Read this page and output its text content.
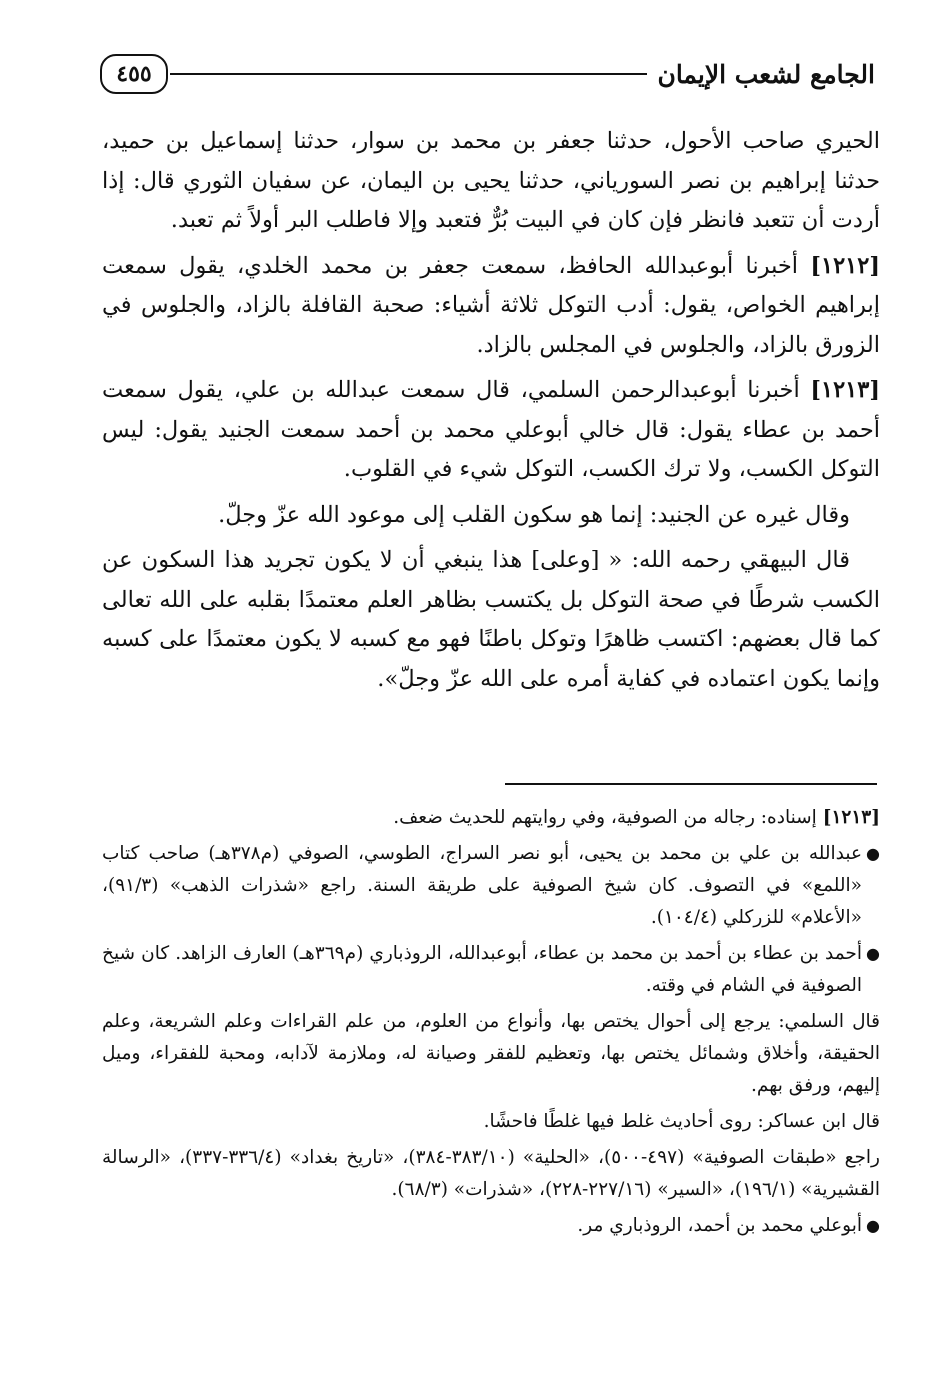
الجامع لشعب الإيمان
٤٥٥

الحيري صاحب الأحول، حدثنا جعفر بن محمد بن سوار، حدثنا إسماعيل بن حميد، حدثنا إبراهيم بن نصر السورياني، حدثنا يحيى بن اليمان، عن سفيان الثوري قال: إذا أردت أن تتعبد فانظر فإن كان في البيت بُرٌّ فتعبد وإلا فاطلب البر أولاً ثم تعبد.

[١٢١٢] أخبرنا أبوعبدالله الحافظ، سمعت جعفر بن محمد الخلدي، يقول سمعت إبراهيم الخواص، يقول: أدب التوكل ثلاثة أشياء: صحبة القافلة بالزاد، والجلوس في الزورق بالزاد، والجلوس في المجلس بالزاد.

[١٢١٣] أخبرنا أبوعبدالرحمن السلمي، قال سمعت عبدالله بن علي، يقول سمعت أحمد بن عطاء يقول: قال خالي أبوعلي محمد بن أحمد سمعت الجنيد يقول: ليس التوكل الكسب، ولا ترك الكسب، التوكل شيء في القلوب.

وقال غيره عن الجنيد: إنما هو سكون القلب إلى موعود الله عزّ وجلّ.

قال البيهقي رحمه الله: « [وعلى] هذا ينبغي أن لا يكون تجريد هذا السكون عن الكسب شرطًا في صحة التوكل بل يكتسب بظاهر العلم معتمدًا بقلبه على الله تعالى كما قال بعضهم: اكتسب ظاهرًا وتوكل باطنًا فهو مع كسبه لا يكون معتمدًا على كسبه وإنما يكون اعتماده في كفاية أمره على الله عزّ وجلّ».

[١٢١٣] إسناده: رجاله من الصوفية، وفي روايتهم للحديث ضعف.

●
عبدالله بن علي بن محمد بن يحيى، أبو نصر السراج، الطوسي، الصوفي (م٣٧٨هـ) صاحب كتاب «اللمع» في التصوف. كان شيخ الصوفية على طريقة السنة. راجع «شذرات الذهب» (٩١/٣)، «الأعلام» للزركلي (١٠٤/٤).

●
أحمد بن عطاء بن أحمد بن محمد بن عطاء، أبوعبدالله، الروذباري (م٣٦٩هـ) العارف الزاهد. كان شيخ الصوفية في الشام في وقته.

قال السلمي: يرجع إلى أحوال يختص بها، وأنواع من العلوم، من علم القراءات وعلم الشريعة، وعلم الحقيقة، وأخلاق وشمائل يختص بها، وتعظيم للفقر وصيانة له، وملازمة لآدابه، ومحبة للفقراء، وميل إليهم، ورفق بهم.

قال ابن عساكر: روى أحاديث غلط فيها غلطًا فاحشًا.

راجع «طبقات الصوفية» (٤٩٧-٥٠٠)، «الحلية» (٣٨٣/١٠-٣٨٤)، «تاريخ بغداد» (٣٣٦/٤-٣٣٧)، «الرسالة القشيرية» (١٩٦/١)، «السير» (٢٢٧/١٦-٢٢٨)، «شذرات» (٦٨/٣).

●
أبوعلي محمد بن أحمد، الروذباري مر.
